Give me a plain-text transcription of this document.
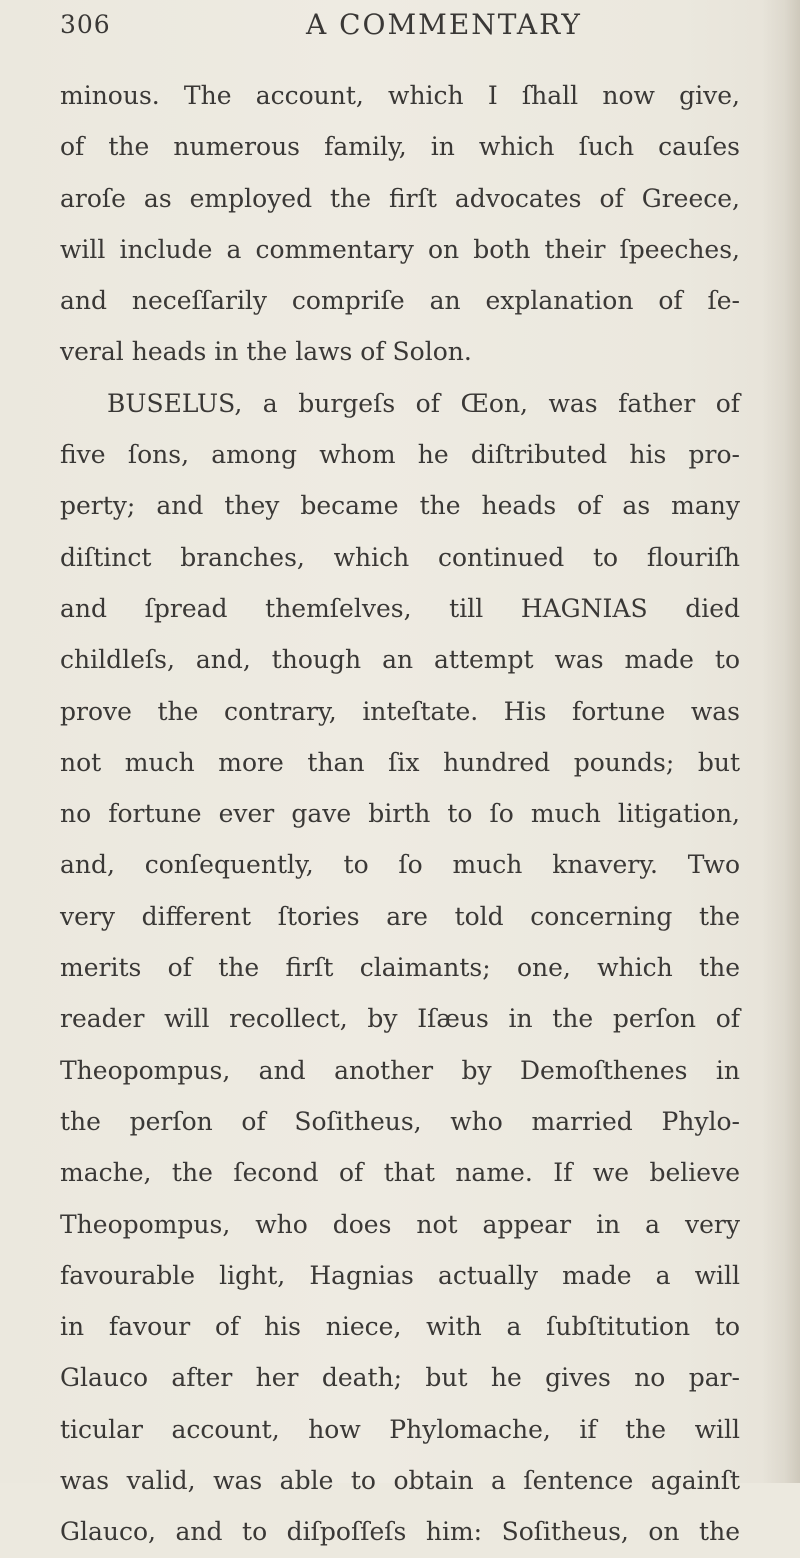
306	A COMMENTARY
minous. The account, which I ſhall now give,
of the numerous family, in which ſuch cauſes
aroſe as employed the firſt advocates of Greece,
will include a commentary on both their ſpeeches,
and neceſſarily compriſe an explanation of ſe-
veral heads in the laws of Solon.
BUSELUS, a burgeſs of Œon, was father of
five ſons, among whom he diſtributed his pro-
perty; and they became the heads of as many
diſtinct branches, which continued to flouriſh
and ſpread themſelves, till HAGNIAS died
childleſs, and, though an attempt was made to
prove the contrary, inteſtate. His fortune was
not much more than ſix hundred pounds; but
no fortune ever gave birth to ſo much litigation,
and, conſequently, to ſo much knavery. Two
very different ſtories are told concerning the
merits of the firſt claimants; one, which the
reader will recollect, by Iſæus in the perſon of
Theopompus, and another by Demoſthenes in
the perſon of Soſitheus, who married Phylo-
mache, the ſecond of that name. If we believe
Theopompus, who does not appear in a very
favourable light, Hagnias actually made a will
in favour of his niece, with a ſubſtitution to
Glauco after her death; but he gives no par-
ticular account, how Phylomache, if the will
was valid, was able to obtain a ſentence againſt
Glauco, and to diſpoſſeſs him: Soſitheus, on the
